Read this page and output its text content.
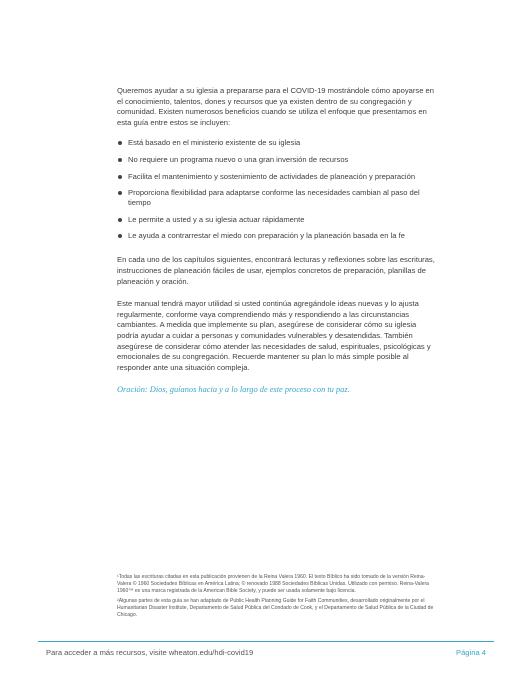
Queremos ayudar a su iglesia a prepararse para el COVID-19 mostrándole cómo apoyarse en el conocimiento, talentos, dones y recursos que ya existen dentro de su congregación y comunidad. Existen numerosos beneficios cuando se utiliza el enfoque que presentamos en esta guía entre estos se incluyen:

Está basado en el ministerio existente de su iglesia
No requiere un programa nuevo o una gran inversión de recursos
Facilita el mantenimiento y sostenimiento de actividades de planeación y preparación
Proporciona flexibilidad para adaptarse conforme las necesidades cambian al paso del tiempo
Le permite a usted y a su iglesia actuar rápidamente
Le ayuda a contrarrestar el miedo con preparación y la planeación basada en la fe

En cada uno de los capítulos siguientes, encontrará lecturas y reflexiones sobre las escrituras, instrucciones de planeación fáciles de usar, ejemplos concretos de preparación, planillas de planeación y oración.

Este manual tendrá mayor utilidad si usted continúa agregándole ideas nuevas y lo ajusta regularmente, conforme vaya comprendiendo más y respondiendo a las circunstancias cambiantes. A medida que implemente su plan, asegúrese de considerar cómo su iglesia podría ayudar a cuidar a personas y comunidades vulnerables y desatendidas. También asegúrese de considerar cómo atender las necesidades de salud, espirituales, psicológicas y emocionales de su congregación. Recuerde mantener su plan lo más simple posible al responder ante una situación compleja.

Oración: Dios, guíanos hacia y a lo largo de este proceso con tu paz.

¹Todas las escrituras citadas en esta publicación provienen de la Reina Valera 1960. El texto Bíblico ha sido tomado de la versión Reina-Valera © 1960 Sociedades Bíblicas en América Latina; © renovado 1988 Sociedades Bíblicas Unidas. Utilizado con permiso. Reina-Valera 1960™ es una marca registrada de la American Bible Society, y puede ser usada solamente bajo licencia.

²Algunas partes de esta guía se han adaptado de Public Health Planning Guide for Faith Communities, desarrollado originalmente por el Humanitarian Disaster Institute, Departamento de Salud Pública del Condado de Cook, y el Departamento de Salud Pública de la Ciudad de Chicago.

Para acceder a más recursos, visite wheaton.edu/hdi-covid19	Página 4
